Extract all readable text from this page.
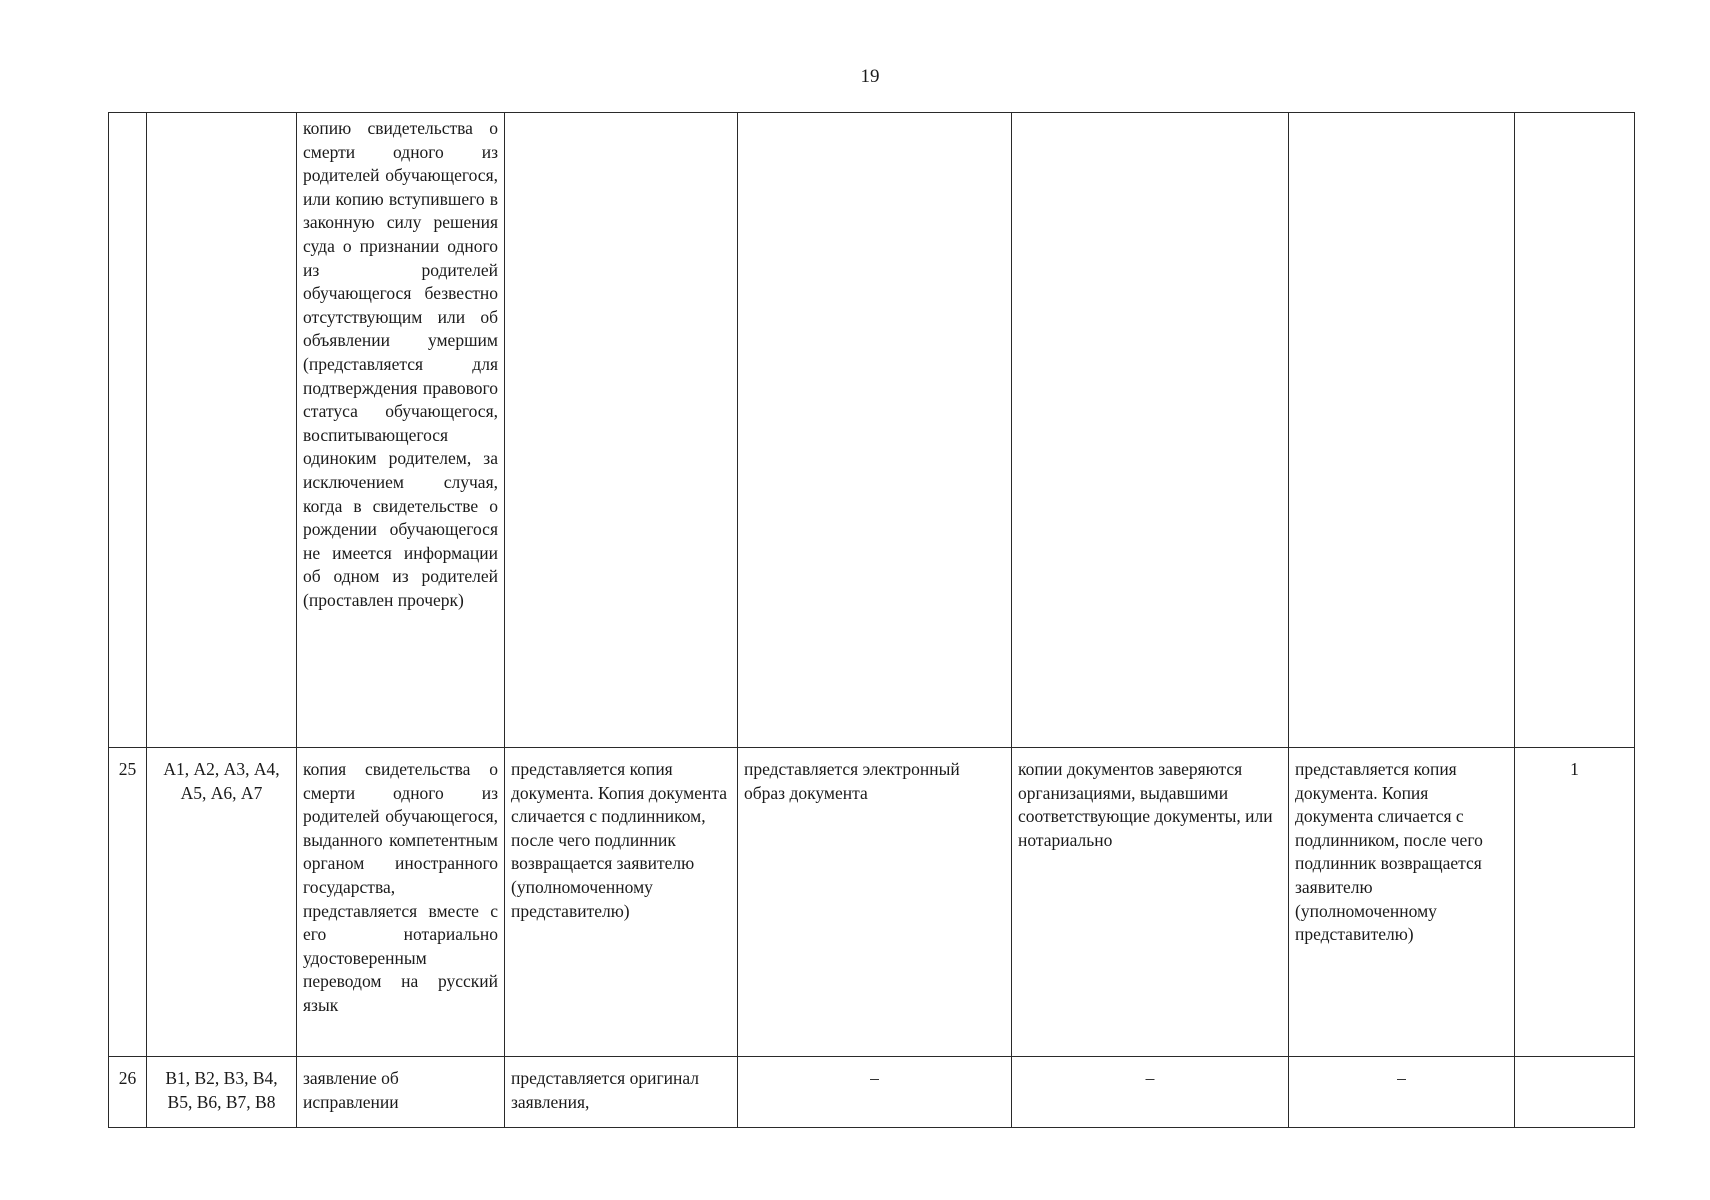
19
		копию свидетельства о смерти одного из родителей обучающегося, или копию вступившего в законную силу решения суда о признании одного из родителей обучающегося безвестно отсутствующим или об объявлении умершим (представляется для подтверждения правового статуса обучающегося, воспитывающегося одиноким родителем, за исключением случая, когда в свидетельстве о рождении обучающегося не имеется информации об одном из родителей (проставлен прочерк)					
25	А1, А2, А3, А4, А5, А6, А7	копия свидетельства о смерти одного из родителей обучающегося, выданного компетентным органом иностранного государства, представляется вместе с его нотариально удостоверенным переводом на русский язык	представляется копия документа. Копия документа сличается с подлинником, после чего подлинник возвращается заявителю (уполномоченному представителю)	представляется электронный образ документа	копии документов заверяются организациями, выдавшими соответствующие документы, или нотариально	представляется копия документа. Копия документа сличается с подлинником, после чего подлинник возвращается заявителю (уполномоченному представителю)	1
26	В1, В2, В3, В4, В5, В6, В7, В8	заявление об исправлении	представляется оригинал заявления,	–	–	–	
